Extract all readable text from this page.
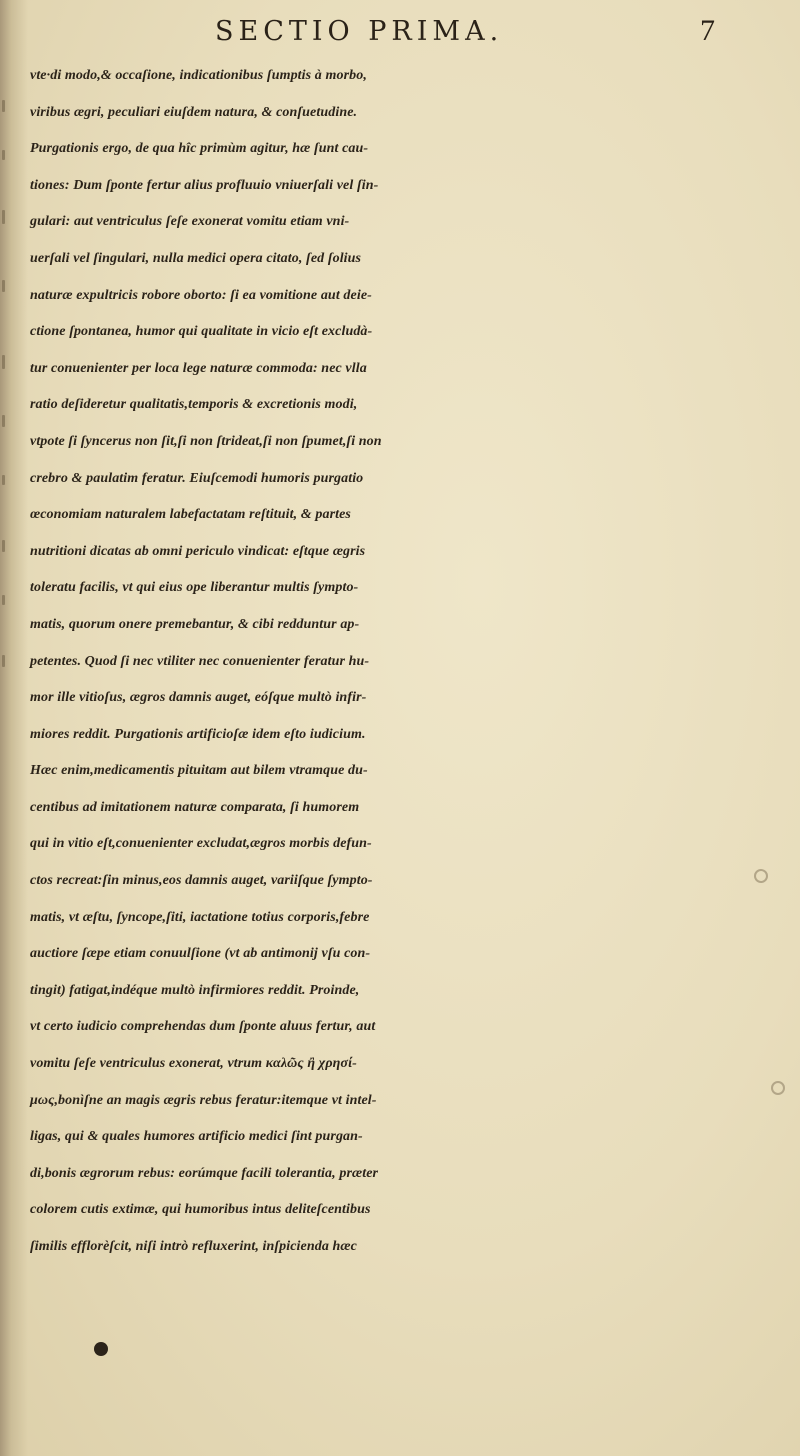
SECTIO PRIMA.	7
vte·di modo,& occaſione, indicationibus ſumptis à morbo,
viribus ægri, peculiari eiuſdem natura, & conſuetudine.
Purgationis ergo, de qua hîc primùm agitur, hæ ſunt cau-
tiones: Dum ſponte fertur alius profluuio vniuerſali vel ſin-
gulari: aut ventriculus ſeſe exonerat vomitu etiam vni-
uerſali vel ſingulari, nulla medici opera citato, ſed ſolius
naturæ expultricis robore oborto: ſi ea vomitione aut deie-
ctione ſpontanea, humor qui qualitate in vicio eſt excludà-
tur conuenienter per loca lege naturæ commoda: nec vlla
ratio deſideretur qualitatis,temporis & excretionis modi,
vtpote ſi ſyncerus non ſit,ſi non ſtrideat,ſi non ſpumet,ſi non
crebro & paulatim feratur. Eiuſcemodi humoris purgatio
œconomiam naturalem labefactatam reſtituit, & partes
nutritioni dicatas ab omni periculo vindicat: eſtque ægris
toleratu facilis, vt qui eius ope liberantur multis ſympto-
matis, quorum onere premebantur, & cibi redduntur ap-
petentes. Quod ſi nec vtiliter nec conuenienter feratur hu-
mor ille vitioſus, ægros damnis auget, eóſque multò infir-
miores reddit. Purgationis artificioſæ idem eſto iudicium.
Hæc enim,medicamentis pituitam aut bilem vtramque du-
centibus ad imitationem naturæ comparata, ſi humorem
qui in vitio eſt,conuenienter excludat,ægros morbis defun-
ctos recreat:ſin minus,eos damnis auget, variiſque ſympto-
matis, vt æſtu, ſyncope,ſiti, iactatione totius corporis,febre
auctiore ſæpe etiam conuulſione (vt ab antimonij vſu con-
tingit) fatigat,indéque multò infirmiores reddit. Proinde,
vt certo iudicio comprehendas dum ſponte aluus fertur, aut
vomitu ſeſe ventriculus exonerat, vtrum καλῶς ἢ χρησί-
μως,bonìſne an magis ægris rebus feratur:itemque vt intel-
ligas, qui & quales humores artificio medici ſint purgan-
di,bonis ægrorum rebus: eorúmque facili tolerantia, præter
colorem cutis extimæ, qui humoribus intus deliteſcentibus
ſimilis efflorèſcit, niſi intrò refluxerint, inſpicienda hæc
